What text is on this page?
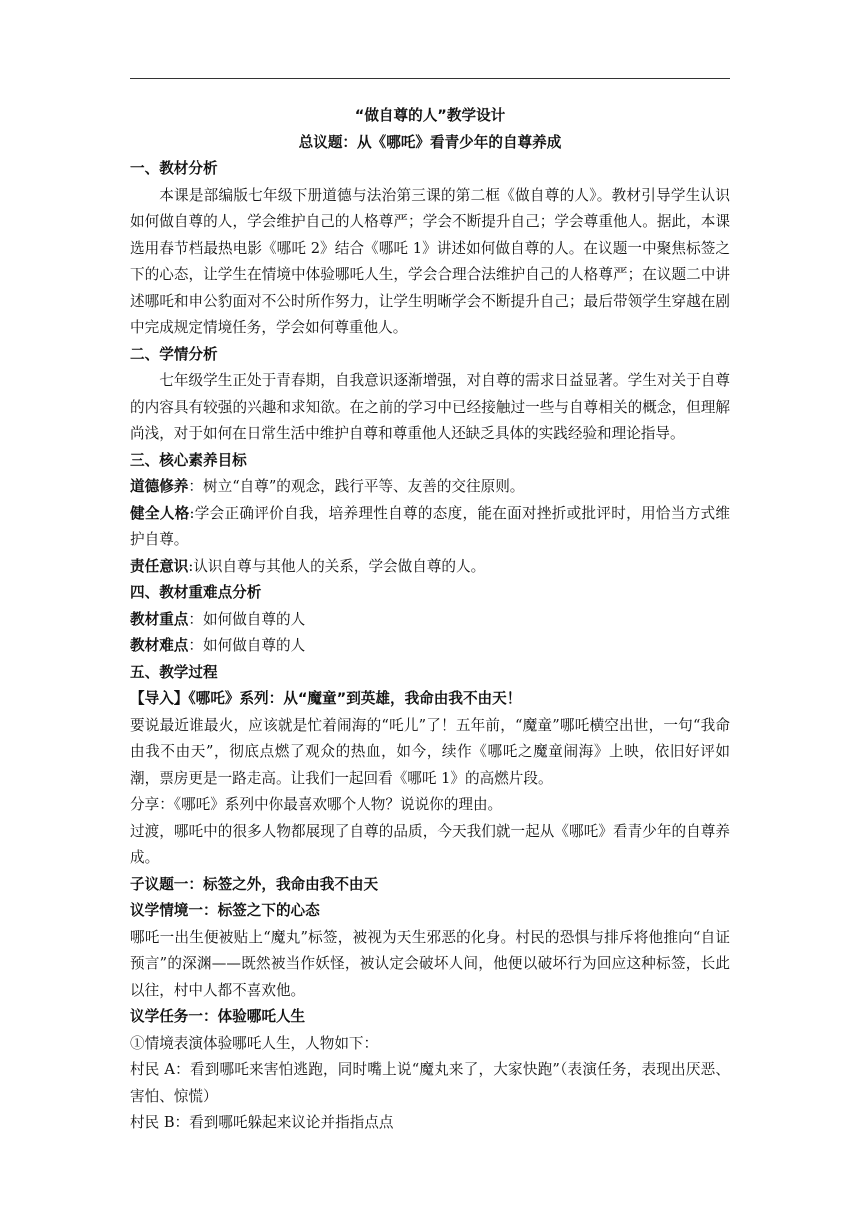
“做自尊的人”教学设计
总议题：从《哪吒》看青少年的自尊养成
一、教材分析
本课是部编版七年级下册道德与法治第三课的第二框《做自尊的人》。教材引导学生认识如何做自尊的人，学会维护自己的人格尊严；学会不断提升自己；学会尊重他人。据此，本课选用春节档最热电影《哪吒 2》结合《哪吒 1》讲述如何做自尊的人。在议题一中聚焦标签之下的心态，让学生在情境中体验哪吒人生，学会合理合法维护自己的人格尊严；在议题二中讲述哪吒和申公豹面对不公时所作努力，让学生明晰学会不断提升自己；最后带领学生穿越在剧中完成规定情境任务，学会如何尊重他人。
二、学情分析
七年级学生正处于青春期，自我意识逐渐增强，对自尊的需求日益显著。学生对关于自尊的内容具有较强的兴趣和求知欲。在之前的学习中已经接触过一些与自尊相关的概念，但理解尚浅，对于如何在日常生活中维护自尊和尊重他人还缺乏具体的实践经验和理论指导。
三、核心素养目标
道德修养：树立“自尊”的观念，践行平等、友善的交往原则。
健全人格:学会正确评价自我，培养理性自尊的态度，能在面对挫折或批评时，用恰当方式维护自尊。
责任意识:认识自尊与其他人的关系，学会做自尊的人。
四、教材重难点分析
教材重点：如何做自尊的人
教材难点：如何做自尊的人
五、教学过程
【导入】《哪吒》系列：从“魔童”到英雄，我命由我不由天！
要说最近谁最火，应该就是忙着闹海的“吒儿”了！五年前，“魔童”哪吒横空出世，一句“我命由我不由天”，彻底点燃了观众的热血，如今，续作《哪吒之魔童闹海》上映，依旧好评如潮，票房更是一路走高。让我们一起回看《哪吒 1》的高燃片段。
分享：《哪吒》系列中你最喜欢哪个人物？说说你的理由。
过渡，哪吒中的很多人物都展现了自尊的品质，今天我们就一起从《哪吒》看青少年的自尊养成。
子议题一：标签之外，我命由我不由天
议学情境一：标签之下的心态
哪吒一出生便被贴上“魔丸”标签，被视为天生邪恶的化身。村民的恐惧与排斥将他推向“自证预言”的深渊——既然被当作妖怪，被认定会破坏人间，他便以破坏行为回应这种标签，长此以往，村中人都不喜欢他。
议学任务一：体验哪吒人生
①情境表演体验哪吒人生，人物如下：
村民 A：看到哪吒来害怕逃跑，同时嘴上说“魔丸来了，大家快跑”（表演任务，表现出厌恶、害怕、惊慌）
村民 B：看到哪吒躲起来议论并指指点点
